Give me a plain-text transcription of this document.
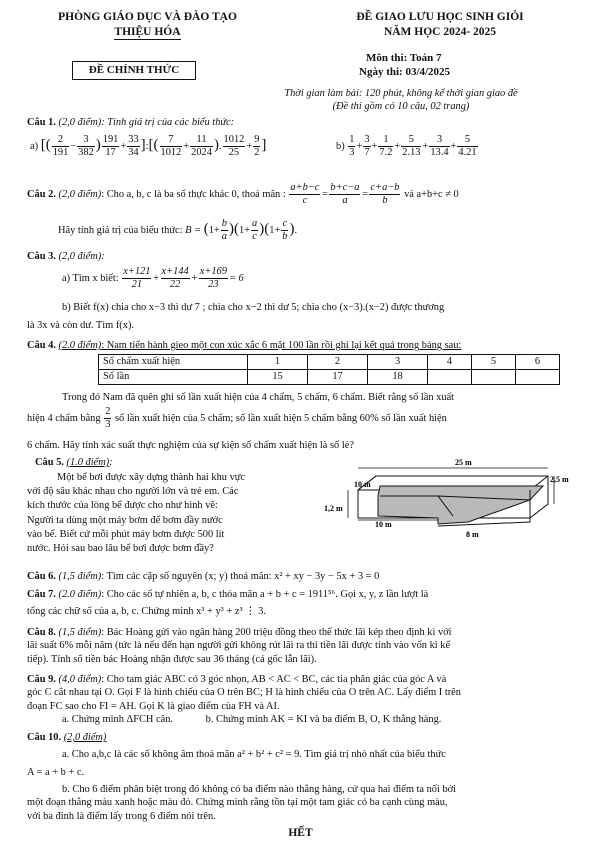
PHÒNG GIÁO DỤC VÀ ĐÀO TẠO
THIỆU HÓA
ĐỀ CHÍNH THỨC
ĐỀ GIAO LƯU HỌC SINH GIỎI
NĂM HỌC 2024- 2025
Môn thi: Toán 7
Ngày thi: 03/4/2025
Thời gian làm bài: 120 phút, không kể thời gian giao đề
(Đề thi gồm có 10 câu, 02 trang)
Câu 1. (2,0 điểm): Tính giá trị của các biểu thức:
a) [( $\frac{2}{191} - \frac{3}{382}$ ) $\frac{191}{17} + \frac{33}{34}$ ]:[( $\frac{7}{1012} + \frac{11}{2024}$ ). $\frac{1012}{25} + \frac{9}{2}$ ]	$b) \frac{1}{3} + \frac{3}{7} + \frac{1}{7.2} + \frac{5}{2.13} + \frac{3}{13.4} + \frac{5}{4.21}$
Câu 2. (2,0 điểm): Cho a, b, c là ba số thực khác 0, thoả mãn : $\frac{a+b-c}{c} = \frac{b+c-a}{a} = \frac{c+a-b}{b}$ và a+b+c ≠ 0
Hãy tính giá trị của biểu thức: $B = (1+ \frac{b}{a} )(1+ \frac{a}{c} )(1+ \frac{c}{b}$ ).
Câu 3. (2,0 điểm):
a) Tìm x biết: $\frac{x+121}{21} + \frac{x+144}{22} + \frac{x+169}{23} = 6$
b) Biết f(x) chia cho x−3 thì dư 7 ; chia cho x−2 thì dư 5; chia cho (x−3).(x−2) được thương
là 3x và còn dư. Tìm f(x).
Câu 4. (2.0 điểm): Nam tiến hành gieo một con xúc xắc 6 mặt 100 lần rồi ghi lại kết quả trong bảng sau:
Số chấm xuất hiện	1	2	3	4	5	6
Số lần	15	17	18			
Trong đó Nam đã quên ghi số lần xuất hiện của 4 chấm, 5 chấm, 6 chấm. Biết rằng số lần xuất
hiện 4 chấm bằng $\frac{2}{3}$ số lần xuất hiện của 5 chấm; số lần xuất hiện 5 chấm bằng 60% số lần xuất hiện
6 chấm. Hãy tính xác suất thực nghiệm của sự kiện số chấm xuất hiện là số lẻ?
Câu 5. (1.0 điểm):
Một bể bơi được xây dựng thành hai khu vực
với độ sâu khác nhau cho người lớn và trẻ em. Các
kích thước của lòng bể được cho như hình vẽ:
Người ta dùng một máy bơm để bơm đầy nước
vào bể. Biết cứ mỗi phút máy bơm được 500 lít
nước. Hỏi sau bao lâu bể bơi được bơm đầy?
25 m
10 m
2,5 m
1,2 m
10 m
8 m
Câu 6. (1,5 điểm): Tìm các cặp số nguyên (x; y) thoả mãn: x² + xy − 3y − 5x + 3 = 0
Câu 7. (2.0 điểm): Cho các số tự nhiên a, b, c thỏa mãn a + b + c = 1911⁵⁶. Gọi x, y, z lần lượt là
tổng các chữ số của a, b, c. Chứng minh x³ + y³ + z³ ⋮ 3.
Câu 8. (1,5 điểm): Bác Hoàng gửi vào ngân hàng 200 triệu đồng theo thể thức lãi kép theo định kì với
lãi suất 6% mỗi năm (tức là nếu đến hạn người gửi không rút lãi ra thì tiền lãi được tính vào vốn kì kế
tiếp). Tính số tiền bác Hoàng nhận được sau 36 tháng (cả gốc lẫn lãi).
Câu 9. (4,0 điểm): Cho tam giác ABC có 3 góc nhọn, AB < AC < BC, các tia phân giác của góc A và
góc C cắt nhau tại O. Gọi F là hình chiếu của O trên BC; H là hình chiếu của O trên AC. Lấy điểm I trên
đoạn FC sao cho FI = AH. Gọi K là giao điểm của FH và AI.
a. Chứng minh ΔFCH cân.	b. Chứng minh AK = KI và ba điểm B, O, K thẳng hàng.
Câu 10. (2,0 điểm)
a. Cho a,b,c là các số không âm thoả mãn a² + b² + c² = 9. Tìm giá trị nhỏ nhất của biểu thức
A = a + b + c.
b. Cho 6 điểm phân biệt trong đó không có ba điểm nào thẳng hàng, cứ qua hai điểm ta nối bởi
một đoạn thẳng màu xanh hoặc màu đỏ. Chứng minh rằng tồn tại một tam giác có ba cạnh cùng màu,
với ba đỉnh là điểm lấy trong 6 điểm nói trên.
HẾT
